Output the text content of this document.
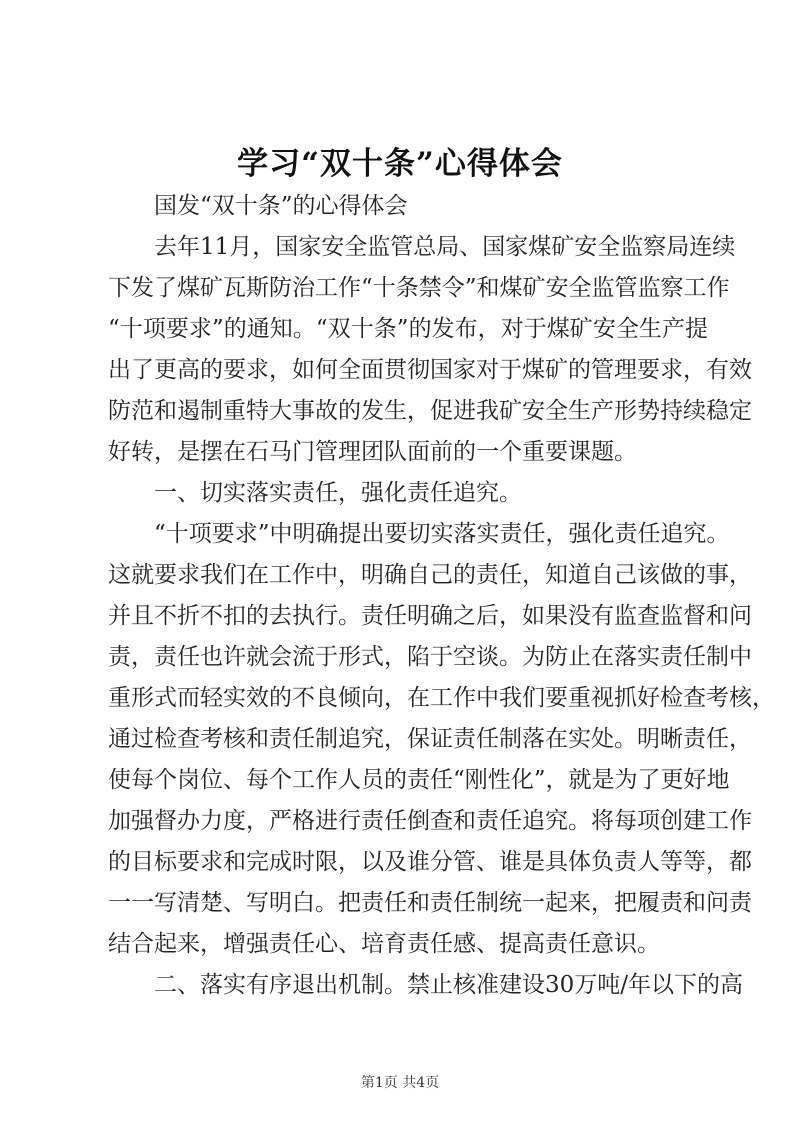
学习“双十条”心得体会
国发“双十条”的心得体会
去年11月，国家安全监管总局、国家煤矿安全监察局连续
下发了煤矿瓦斯防治工作“十条禁令”和煤矿安全监管监察工作
“十项要求”的通知。“双十条”的发布，对于煤矿安全生产提
出了更高的要求，如何全面贯彻国家对于煤矿的管理要求，有效
防范和遏制重特大事故的发生，促进我矿安全生产形势持续稳定
好转，是摆在石马门管理团队面前的一个重要课题。
一、切实落实责任，强化责任追究。
“十项要求”中明确提出要切实落实责任，强化责任追究。
这就要求我们在工作中，明确自己的责任，知道自己该做的事，
并且不折不扣的去执行。责任明确之后，如果没有监查监督和问
责，责任也许就会流于形式，陷于空谈。为防止在落实责任制中
重形式而轻实效的不良倾向，在工作中我们要重视抓好检查考核，
通过检查考核和责任制追究，保证责任制落在实处。明晰责任，
使每个岗位、每个工作人员的责任“刚性化”，就是为了更好地
加强督办力度，严格进行责任倒查和责任追究。将每项创建工作
的目标要求和完成时限，以及谁分管、谁是具体负责人等等，都
一一写清楚、写明白。把责任和责任制统一起来，把履责和问责
结合起来，增强责任心、培育责任感、提高责任意识。
二、落实有序退出机制。禁止核准建设30万吨/年以下的高
第1页 共4页
